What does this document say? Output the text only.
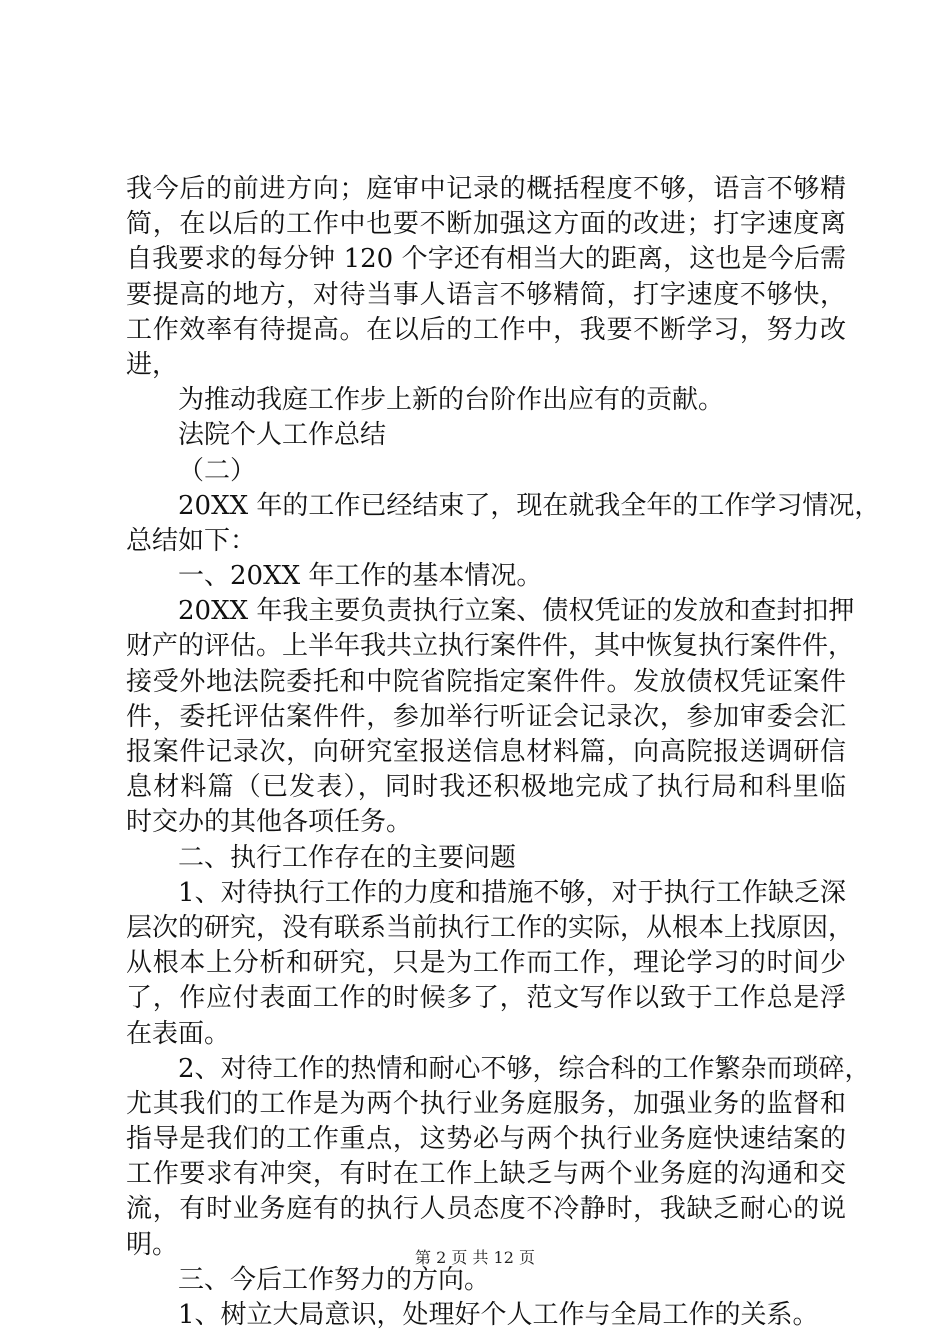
我今后的前进方向；庭审中记录的概括程度不够，语言不够精
简，在以后的工作中也要不断加强这方面的改进；打字速度离
自我要求的每分钟 120 个字还有相当大的距离，这也是今后需
要提高的地方，对待当事人语言不够精简，打字速度不够快，
工作效率有待提高。在以后的工作中，我要不断学习，努力改
进，
为推动我庭工作步上新的台阶作出应有的贡献。
法院个人工作总结
（二）
20XX 年的工作已经结束了，现在就我全年的工作学习情况，
总结如下：
一、20XX 年工作的基本情况。
20XX 年我主要负责执行立案、债权凭证的发放和查封扣押
财产的评估。上半年我共立执行案件件，其中恢复执行案件件，
接受外地法院委托和中院省院指定案件件。发放债权凭证案件
件，委托评估案件件，参加举行听证会记录次，参加审委会汇
报案件记录次，向研究室报送信息材料篇，向高院报送调研信
息材料篇（已发表），同时我还积极地完成了执行局和科里临
时交办的其他各项任务。
二、执行工作存在的主要问题
1、对待执行工作的力度和措施不够，对于执行工作缺乏深
层次的研究，没有联系当前执行工作的实际，从根本上找原因，
从根本上分析和研究，只是为工作而工作，理论学习的时间少
了，作应付表面工作的时候多了，范文写作以致于工作总是浮
在表面。
2、对待工作的热情和耐心不够，综合科的工作繁杂而琐碎，
尤其我们的工作是为两个执行业务庭服务，加强业务的监督和
指导是我们的工作重点，这势必与两个执行业务庭快速结案的
工作要求有冲突，有时在工作上缺乏与两个业务庭的沟通和交
流，有时业务庭有的执行人员态度不冷静时，我缺乏耐心的说
明。
三、今后工作努力的方向。
1、树立大局意识，处理好个人工作与全局工作的关系。
第 2 页 共 12 页
